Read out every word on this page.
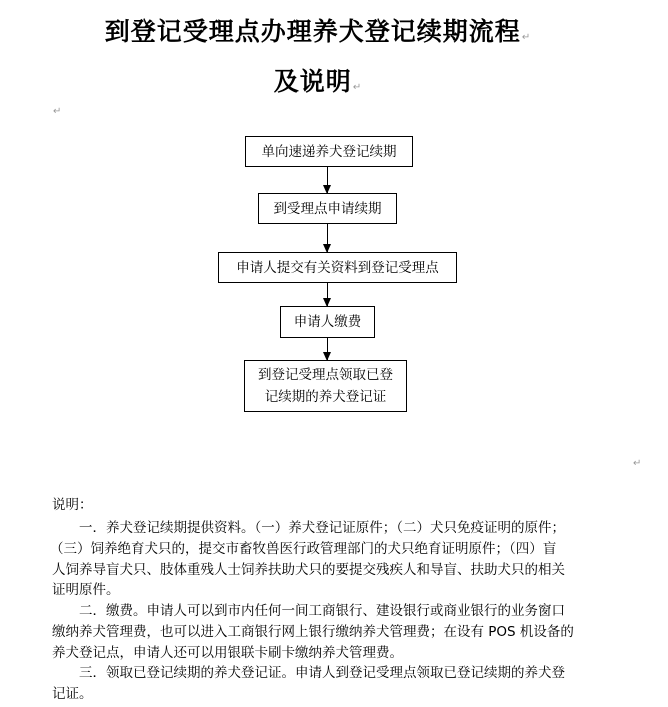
到登记受理点办理养犬登记续期流程↵
及说明↵
↵
单向速递养犬登记续期
到受理点申请续期
申请人提交有关资料到登记受理点
申请人缴费
到登记受理点领取已登记续期的养犬登记证
↵
说明：
　　一．养犬登记续期提供资料。（一）养犬登记证原件；（二）犬只免疫证明的原件；
（三）饲养绝育犬只的，提交市畜牧兽医行政管理部门的犬只绝育证明原件；（四）盲
人饲养导盲犬只、肢体重残人士饲养扶助犬只的要提交残疾人和导盲、扶助犬只的相关
证明原件。
　　二．缴费。申请人可以到市内任何一间工商银行、建设银行或商业银行的业务窗口
缴纳养犬管理费，也可以进入工商银行网上银行缴纳养犬管理费；在设有 POS 机设备的
养犬登记点，申请人还可以用银联卡刷卡缴纳养犬管理费。
　　三．领取已登记续期的养犬登记证。申请人到登记受理点领取已登记续期的养犬登
记证。
